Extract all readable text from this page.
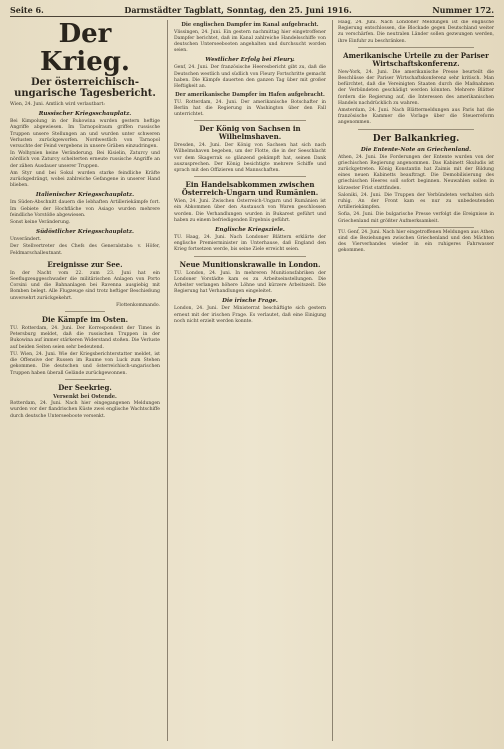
Seite 6.	Darmstädter Tagblatt, Sonntag, den 25. Juni 1916.	Nummer 172.
Der Krieg.
Der österreichisch-ungarische Tagesbericht.

Wien, 24. Juni. Amtlich wird verlautbart:

Russischer Kriegsschauplatz.

Bei Kimpolung in der Bukowina wurden gestern heftige Angriffe abgewiesen. Im Tarnopolraum griffen russische Truppen unsere Stellungen an und wurden unter schweren Verlusten zurückgeworfen. Nordwestlich von Tarnopol versuchte der Feind vergebens in unsere Gräben einzudringen.

In Wolhynien keine Veränderung. Bei Kisielin, Zaturcy und nördlich von Zaturcy scheiterten erneute russische Angriffe an der zähen Ausdauer unserer Truppen.

Am Styr und bei Sokul wurden starke feindliche Kräfte zurückgedrängt, wobei zahlreiche Gefangene in unserer Hand blieben.

Italienischer Kriegsschauplatz.

Im Süden-Abschnitt dauern die lebhaften Artilleriekämpfe fort. Im Gebiete der Hochfläche von Asiago wurden mehrere feindliche Vorstöße abgewiesen.

Sonst keine Veränderung.

Südöstlicher Kriegsschauplatz.

Unverändert.

Der Stellvertreter des Chefs des Generalstabs: v. Höfer, Feldmarschalleutnant.

Ereignisse zur See.

In der Nacht vom 22. zum 23. Juni hat ein Seeflugzeuggeschwader die militärischen Anlagen von Porto Corsini und die Bahnanlagen bei Ravenna ausgiebig mit Bomben belegt. Alle Flugzeuge sind trotz heftiger Beschießung unversehrt zurückgekehrt.

Flottenkommando.

Die Kämpfe im Osten.

TU. Rotterdam, 24. Juni. Der Korrespondent der Times in Petersburg meldet, daß die russischen Truppen in der Bukowina auf immer stärkeren Widerstand stoßen. Die Verluste auf beiden Seiten seien sehr bedeutend.

TU. Wien, 24. Juni. Wie der Kriegsberichterstatter meldet, ist die Offensive der Russen im Raume von Luck zum Stehen gekommen. Die deutschen und österreichisch-ungarischen Truppen haben überall Gelände zurückgewonnen.

Der Seekrieg.
Versenkt bei Ostende.

Rotterdam, 24. Juni. Nach hier eingegangenen Meldungen wurden vor der flandrischen Küste zwei englische Wachtschiffe durch deutsche Unterseeboote versenkt.

Die englischen Dampfer im Kanal aufgebracht.

Vlissingen, 24. Juni. Ein gestern nachmittag hier eingetroffener Dampfer berichtet, daß im Kanal zahlreiche Handelsschiffe von deutschen Unterseebooten angehalten und durchsucht worden seien.

Westlicher Erfolg bei Fleury.

Genf, 24. Juni. Der französische Heeresbericht gibt zu, daß die Deutschen westlich und südlich von Fleury Fortschritte gemacht haben. Die Kämpfe dauerten den ganzen Tag über mit großer Heftigkeit an.

Der amerikanische Dampfer im Hafen aufgebracht.

TU. Rotterdam, 24. Juni. Der amerikanische Botschafter in Berlin hat die Regierung in Washington über den Fall unterrichtet.

Der König von Sachsen in Wilhelmshaven.

Dresden, 24. Juni. Der König von Sachsen hat sich nach Wilhelmshaven begeben, um der Flotte, die in der Seeschlacht vor dem Skagerrak so glänzend gekämpft hat, seinen Dank auszusprechen. Der König besichtigte mehrere Schiffe und sprach mit den Offizieren und Mannschaften.

Ein Handelsabkommen zwischen Österreich-Ungarn und Rumänien.

Wien, 24. Juni. Zwischen Österreich-Ungarn und Rumänien ist ein Abkommen über den Austausch von Waren geschlossen worden. Die Verhandlungen wurden in Bukarest geführt und haben zu einem befriedigenden Ergebnis geführt.

Englische Kriegsziele.

TU. Haag, 24. Juni. Nach Londoner Blättern erklärte der englische Premierminister im Unterhause, daß England den Krieg fortsetzen werde, bis seine Ziele erreicht seien.

Neue Munitionskrawalle in London.

TU. London, 24. Juni. In mehreren Munitionsfabriken der Londoner Vorstädte kam es zu Arbeitseinstellungen. Die Arbeiter verlangen höhere Löhne und kürzere Arbeitszeit. Die Regierung hat Verhandlungen eingeleitet.

Die irische Frage.

London, 24. Juni. Der Ministerrat beschäftigte sich gestern erneut mit der irischen Frage. Es verlautet, daß eine Einigung noch nicht erzielt werden konnte.

Haag, 24. Juni. Nach Londoner Meldungen ist die englische Regierung entschlossen, die Blockade gegen Deutschland weiter zu verschärfen. Die neutralen Länder sollen gezwungen werden, ihre Einfuhr zu beschränken.

Amerikanische Urteile zu der Pariser Wirtschaftskonferenz.

New-York, 24. Juni. Die amerikanische Presse beurteilt die Beschlüsse der Pariser Wirtschaftskonferenz sehr kritisch. Man befürchtet, daß die Vereinigten Staaten durch die Maßnahmen der Verbündeten geschädigt werden könnten. Mehrere Blätter fordern die Regierung auf, die Interessen des amerikanischen Handels nachdrücklich zu wahren.

Amsterdam, 24. Juni. Nach Blättermeldungen aus Paris hat die französische Kammer die Vorlage über die Steuerreform angenommen.

Der Balkankrieg.
Die Entente-Note an Griechenland.

Athen, 24. Juni. Die Forderungen der Entente wurden von der griechischen Regierung angenommen. Das Kabinett Skuludis ist zurückgetreten. König Konstantin hat Zaimis mit der Bildung eines neuen Kabinetts beauftragt. Die Demobilisierung des griechischen Heeres soll sofort beginnen. Neuwahlen sollen in kürzester Frist stattfinden.

Saloniki, 24. Juni. Die Truppen der Verbündeten verhalten sich ruhig. An der Front kam es nur zu unbedeutenden Artilleriekämpfen.

Sofia, 24. Juni. Die bulgarische Presse verfolgt die Ereignisse in Griechenland mit größter Aufmerksamkeit.

TU. Genf, 24. Juni. Nach hier eingetroffenen Meldungen aus Athen sind die Beziehungen zwischen Griechenland und den Mächten des Vierverbandes wieder in ein ruhigeres Fahrwasser gekommen.
